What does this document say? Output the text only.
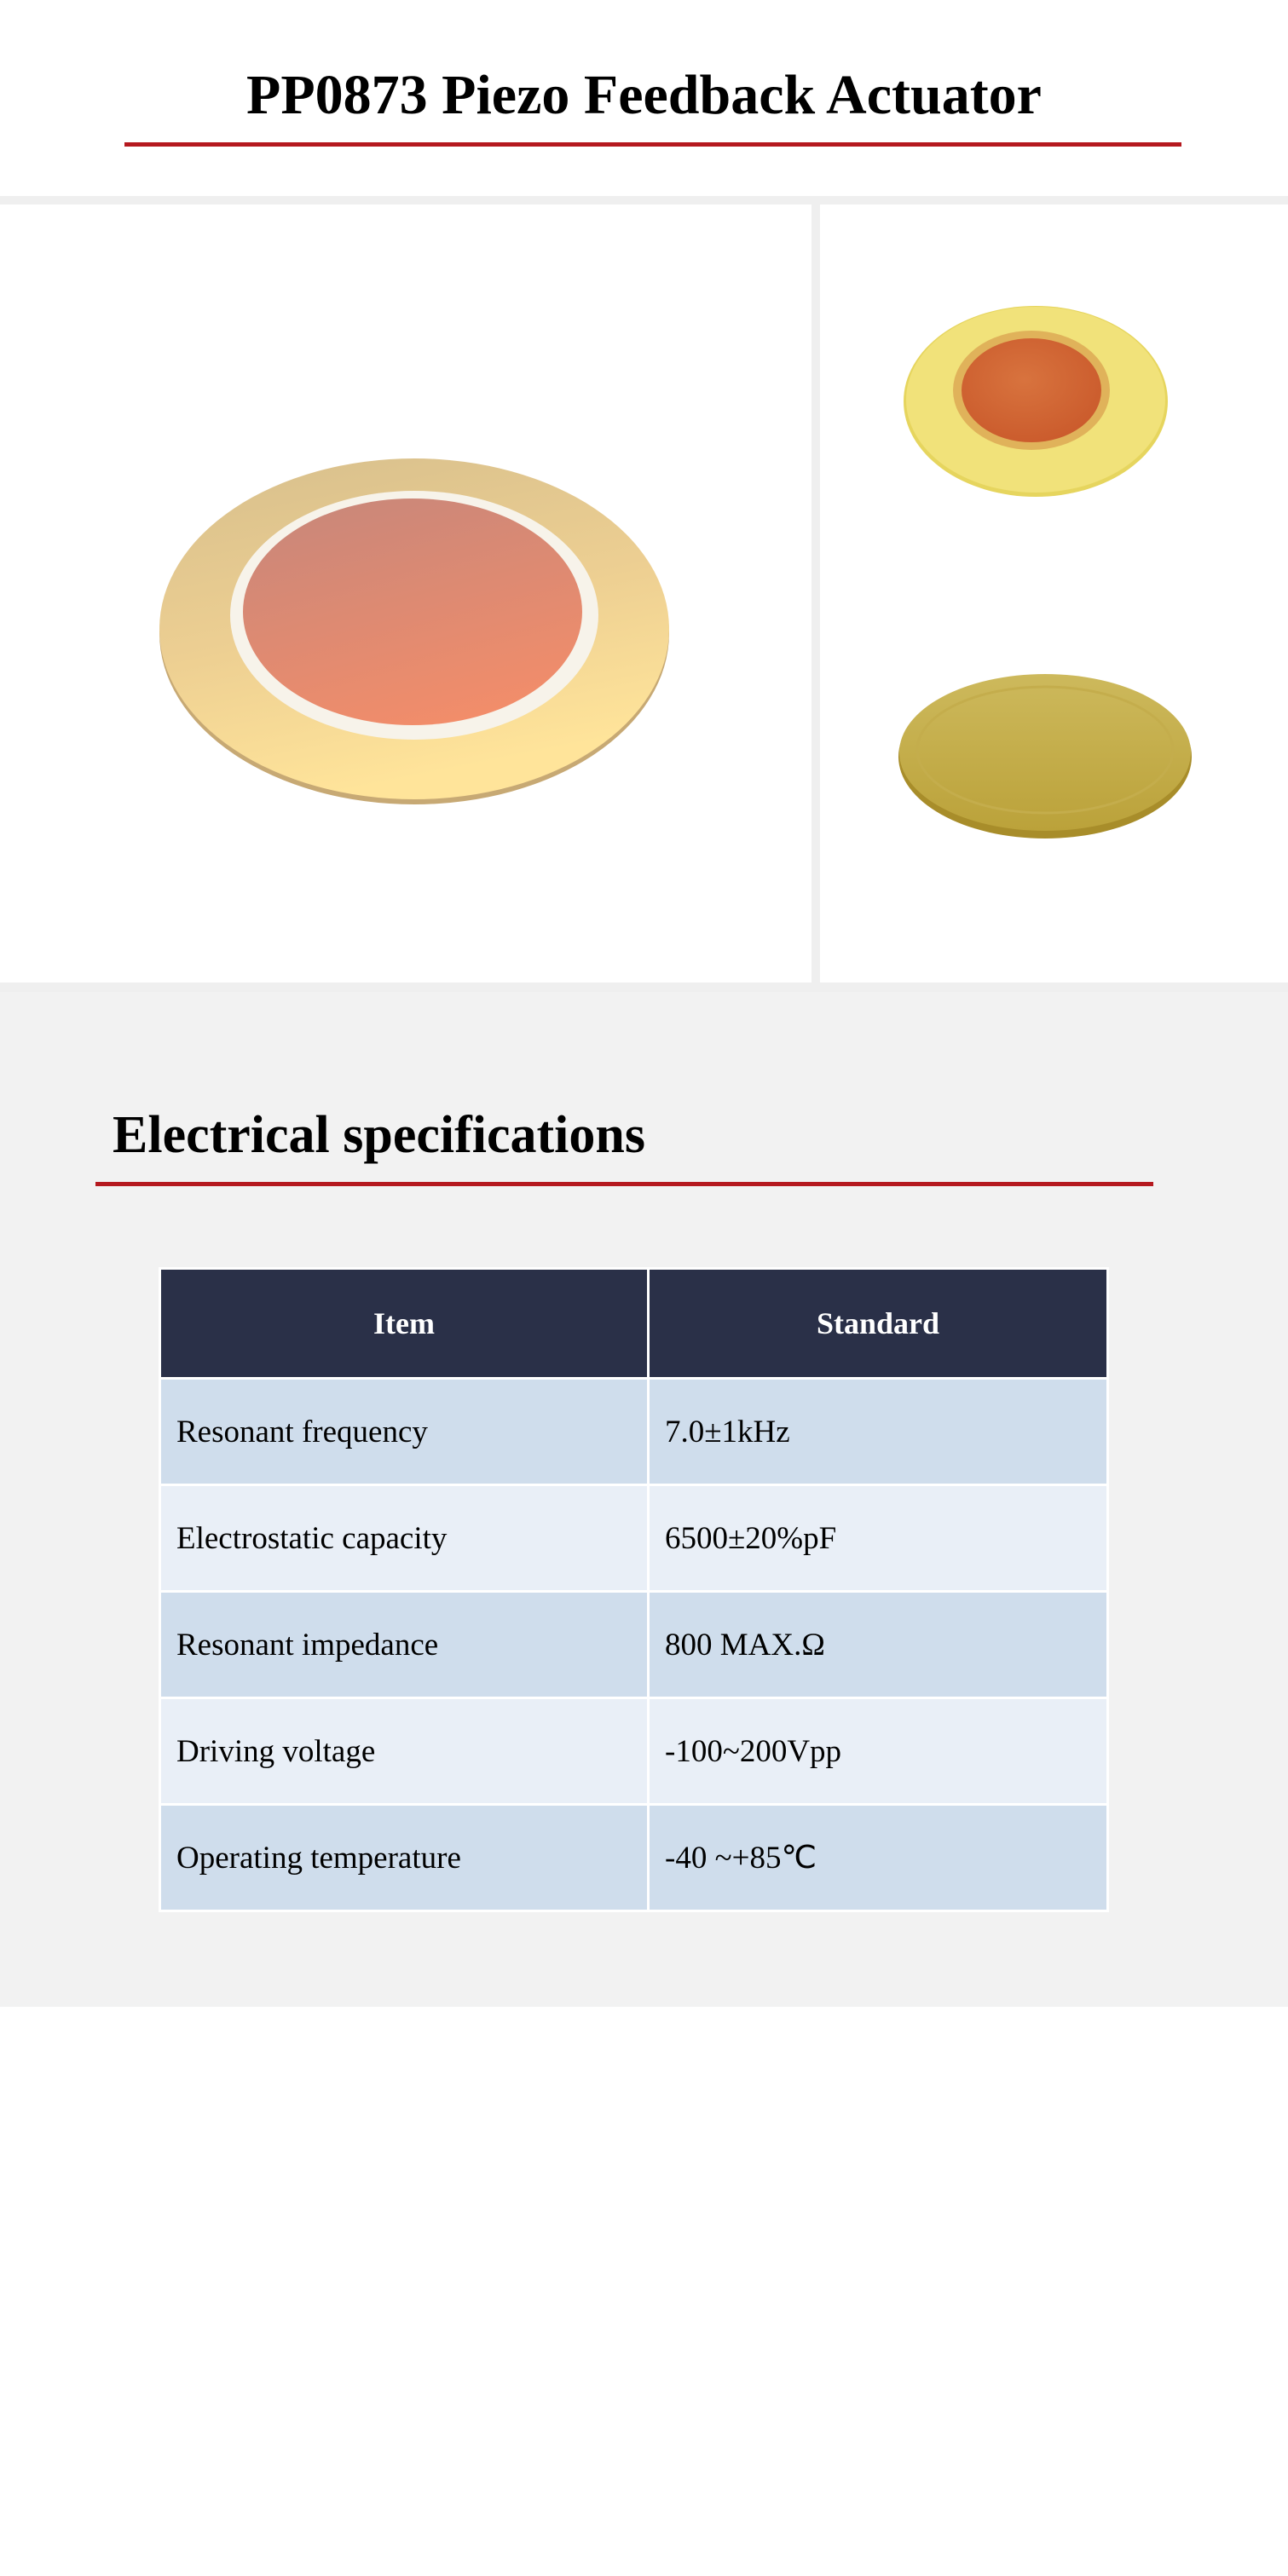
PP0873 Piezo Feedback Actuator
Electrical specifications
Item	Standard
Resonant frequency	7.0±1kHz
Electrostatic capacity	6500±20%pF
Resonant impedance	800 MAX.Ω
Driving voltage	-100~200Vpp
Operating temperature	-40 ~+85℃
